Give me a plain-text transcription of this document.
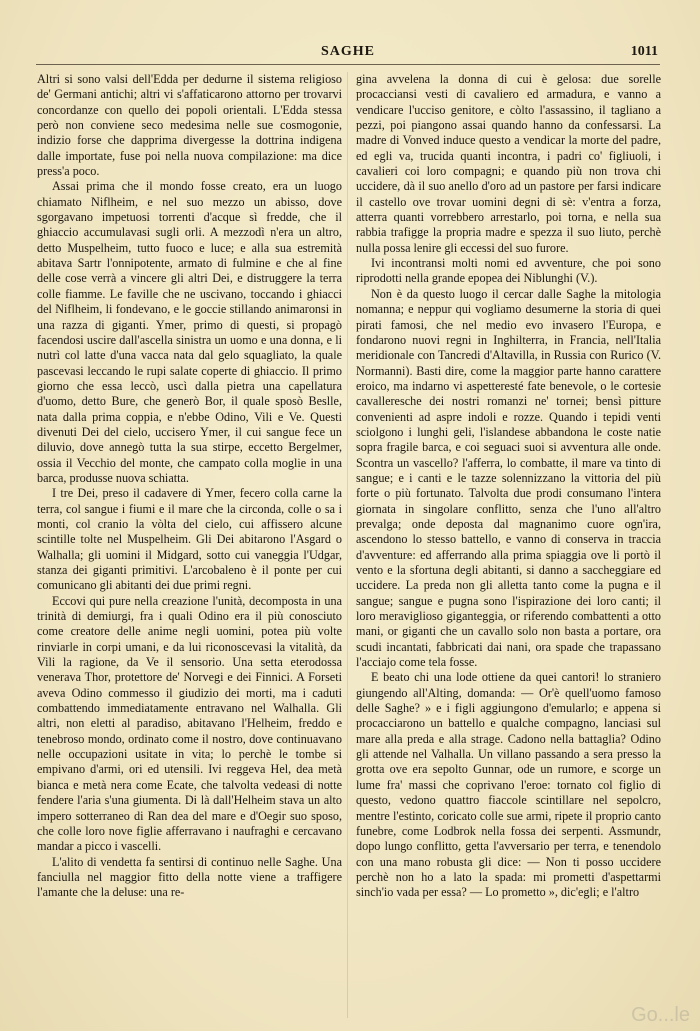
SAGHE	1011

Altri si sono valsi dell'Edda per dedurne il sistema religioso de' Germani antichi; altri vi s'affaticarono attorno per trovarvi concordanze con quello dei popoli orientali. L'Edda stessa però non conviene seco medesima nelle sue cosmogonie, indizio forse che dapprima divergesse la dottrina indigena dalle importate, fuse poi nella nuova compilazione: ma dice press'a poco.

Assai prima che il mondo fosse creato, era un luogo chiamato Niflheim, e nel suo mezzo un abisso, dove sgorgavano impetuosi torrenti d'acque sì fredde, che il ghiaccio accumulavasi sugli orli. A mezzodì n'era un altro, detto Muspelheim, tutto fuoco e luce; e alla sua estremità abitava Sartr l'onnipotente, armato di fulmine e che al fine delle cose verrà a vincere gli altri Dei, e distruggere la terra colle fiamme. Le faville che ne uscivano, toccando i ghiacci del Niflheim, li fondevano, e le goccie stillando animaronsi in una razza di giganti. Ymer, primo di questi, si propagò facendosi uscire dall'ascella sinistra un uomo e una donna, e li nutrì col latte d'una vacca nata dal gelo squagliato, la quale pascevasi leccando le rupi salate coperte di ghiaccio. Il primo giorno che essa leccò, uscì dalla pietra una capellatura d'uomo, detto Bure, che generò Bor, il quale sposò Beslle, nata dalla prima coppia, e n'ebbe Odino, Vili e Ve. Questi divenuti Dei del cielo, uccisero Ymer, il cui sangue fece un diluvio, dove annegò tutta la sua stirpe, eccetto Bergelmer, ossia il Vecchio del monte, che campato colla moglie in una barca, produsse nuova schiatta.

I tre Dei, preso il cadavere di Ymer, fecero colla carne la terra, col sangue i fiumi e il mare che la circonda, colle o sa i monti, col cranio la vòlta del cielo, cui affissero alcune scintille tolte nel Muspelheim. Gli Dei abitarono l'Asgard o Walhalla; gli uomini il Midgard, sotto cui vaneggia l'Udgar, stanza dei giganti primitivi. L'arcobaleno è il ponte per cui comunicano gli abitanti dei due primi regni.

Eccovi qui pure nella creazione l'unità, decomposta in una trinità di demiurgi, fra i quali Odino era il più conosciuto come creatore delle anime negli uomini, potea più volte rinviarle in corpi umani, e da lui riconoscevasi la vitalità, da Vili la ragione, da Ve il sensorio. Una setta eterodossa venerava Thor, protettore de' Norvegi e dei Finnici. A Forseti aveva Odino commesso il giudizio dei morti, ma i caduti combattendo immediatamente entravano nel Walhalla. Gli altri, non eletti al paradiso, abitavano l'Helheim, freddo e tenebroso mondo, ordinato come il nostro, dove continuavano nelle occupazioni usitate in vita; lo perchè le tombe si empivano d'armi, ori ed utensili. Ivi reggeva Hel, dea metà bianca e metà nera come Ecate, che talvolta vedeasi di notte fendere l'aria s'una giumenta. Di là dall'Helheim stava un alto impero sotterraneo di Ran dea del mare e d'Oegir suo sposo, che colle loro nove figlie afferravano i naufraghi e cercavano mandar a picco i vascelli.

L'alito di vendetta fa sentirsi di continuo nelle Saghe. Una fanciulla nel maggior fitto della notte viene a traffigere l'amante che la deluse: una re-

gina avvelena la donna di cui è gelosa: due sorelle procacciansi vesti di cavaliero ed armadura, e vanno a vendicare l'ucciso genitore, e còlto l'assassino, il tagliano a pezzi, poi piangono assai quando hanno da confessarsi. La madre di Vonved induce questo a vendicar la morte del padre, ed egli va, trucida quanti incontra, i padri co' figliuoli, i cavalieri coi loro compagni; e quando più non trova chi uccidere, dà il suo anello d'oro ad un pastore per farsi indicare il castello ove trovar uomini degni di sè: v'entra a forza, atterra quanti vorrebbero arrestarlo, poi torna, e nella sua rabbia trafigge la propria madre e spezza il suo liuto, perchè nulla possa lenire gli eccessi del suo furore.

Ivi incontransi molti nomi ed avventure, che poi sono riprodotti nella grande epopea dei Niblunghi (V.).

Non è da questo luogo il cercar dalle Saghe la mitologia nomanna; e neppur qui vogliamo desumerne la storia di quei pirati famosi, che nel medio evo invasero l'Europa, e fondarono nuovi regni in Inghilterra, in Francia, nell'Italia meridionale con Tancredi d'Altavilla, in Russia con Rurico (V. Normanni). Basti dire, come la maggior parte hanno carattere eroico, ma indarno vi aspetteresté fate benevole, o le cortesie cavalleresche dei nostri romanzi ne' tornei; bensì pitture convenienti ad aspre indoli e rozze. Quando i tepidi venti sciolgono i lunghi geli, l'islandese abbandona le coste natie sopra fragile barca, e coi seguaci suoi si avventura alle onde. Scontra un vascello? l'afferra, lo combatte, il mare va tinto di sangue; e i canti e le tazze solennizzano la vittoria del più forte o più fortunato. Talvolta due prodi consumano l'intera giornata in singolare conflitto, senza che l'uno all'altro prevalga; onde deposta dal magnanimo cuore ogn'ira, ascendono lo stesso battello, e vanno di conserva in traccia d'avventure: ed afferrando alla prima spiaggia ove li portò il vento e la sfortuna degli abitanti, si danno a saccheggiare ed uccidere. La preda non gli alletta tanto come la pugna e il sangue; sangue e pugna sono l'ispirazione dei loro canti; il loro meraviglioso giganteggia, or riferendo combattenti a otto mani, or giganti che un cavallo solo non basta a portare, ora scudi incantati, fabbricati dai nani, ora spade che trapassano l'acciajo come tela fosse.

E beato chi una lode ottiene da quei cantori! lo straniero giungendo all'Alting, domanda: — Or'è quell'uomo famoso delle Saghe? » e i figli aggiungono d'emularlo; e appena si procacciarono un battello e qualche compagno, lanciasi sul mare alla preda e alla strage. Cadono nella battaglia? Odino gli attende nel Valhalla. Un villano passando a sera presso la grotta ove era sepolto Gunnar, ode un rumore, e scorge un lume fra' massi che coprivano l'eroe: tornato col figlio di questo, vedono quattro fiaccole scintillare nel sepolcro, mentre l'estinto, coricato colle sue armi, ripete il proprio canto funebre, come Lodbrok nella fossa dei serpenti. Assmundr, dopo lungo conflitto, getta l'avversario per terra, e tenendolo con una mano robusta gli dice: — Non ti posso uccidere perchè non ho a lato la spada: mi prometti d'aspettarmi sinch'io vada per essa? — Lo prometto », dic'egli; e l'altro

Go...le
